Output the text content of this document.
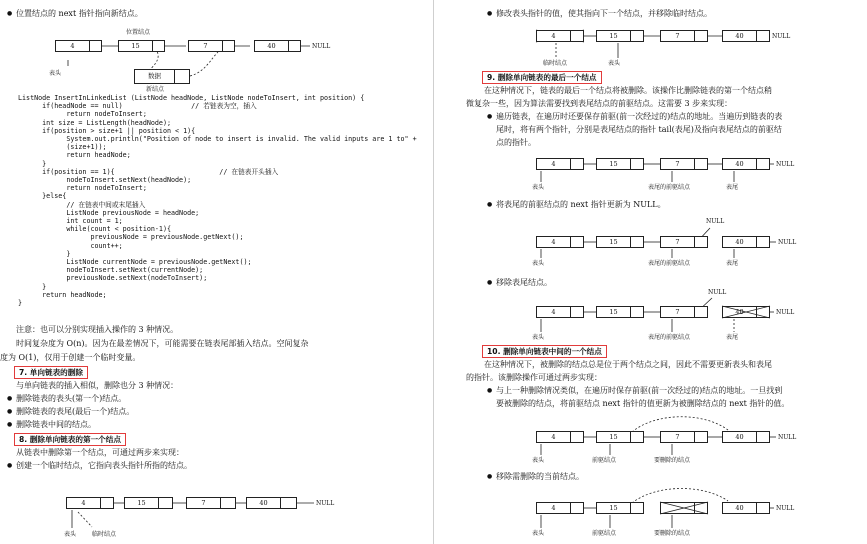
● 位置结点的 next 指针指向新结点。
位置结点
4	15	7	40	NULL
表头	数据
新结点
ListNode InsertInLinkedList (ListNode headNode, ListNode nodeToInsert, int position) {
if(headNode == null)                 // 若链表为空，插入
return nodeToInsert;
int size = ListLength(headNode);
if(position > size+1 || position < 1){
System.out.println("Position of node to insert is invalid. The valid inputs are 1 to" +
(size+1));
return headNode;
}
if(position == 1){                          // 在链表开头插入
nodeToInsert.setNext(headNode);
return nodeToInsert;
}else{
// 在链表中间或末尾插入
ListNode previousNode = headNode;
int count = 1;
while(count < position-1){
previousNode = previousNode.getNext();
count++;
}
ListNode currentNode = previousNode.getNext();
nodeToInsert.setNext(currentNode);
previousNode.setNext(nodeToInsert);
}
return headNode;
}
注意：也可以分别实现插入操作的 3 种情况。
时间复杂度为 O(n)。因为在最差情况下，可能需要在链表尾部插入结点。空间复杂
度为 O(1)，仅用于创建一个临时变量。
7. 单向链表的删除
与单向链表的插入相似，删除也分 3 种情况：
● 删除链表的表头(第一个)结点。
● 删除链表的表尾(最后一个)结点。
● 删除链表中间的结点。
8. 删除单向链表的第一个结点
从链表中删除第一个结点，可通过两步来实现：
● 创建一个临时结点，它指向表头指针所指的结点。
4	15	7	40	NULL
表头	临时结点
● 修改表头指针的值，使其指向下一个结点，并移除临时结点。
4	15	7	40	NULL
临时结点	表头
9. 删除单向链表的最后一个结点
在这种情况下，链表的最后一个结点将被删除。该操作比删除链表的第一个结点稍
微复杂一些，因为算法需要找到表尾结点的前驱结点。这需要 3 步来实现：
● 遍历链表，在遍历时还要保存前驱(前一次经过的)结点的地址。当遍历到链表的表
尾时，将有两个指针，分别是表尾结点的指针 tail(表尾)及指向表尾结点的前驱结
点的指针。
4	15	7	40	NULL
表头	表尾的前驱结点	表尾
● 将表尾的前驱结点的 next 指针更新为 NULL。
NULL
4	15	7	40	NULL
表头	表尾的前驱结点	表尾
● 移除表尾结点。
NULL
4	15	7	40	NULL
表头	表尾的前驱结点	表尾
10. 删除单向链表中间的一个结点
在这种情况下，被删除的结点总是位于两个结点之间，因此不需要更新表头和表尾
的指针。该删除操作可通过两步实现：
● 与上一种删除情况类似，在遍历时保存前驱(前一次经过的)结点的地址。一旦找到
要被删除的结点，将前驱结点 next 指针的值更新为被删除结点的 next 指针的值。
4	15	7	40	NULL
表头	前驱结点	要删除的结点
● 移除需删除的当前结点。
4	15	40	NULL
表头	前驱结点	要删除的结点
